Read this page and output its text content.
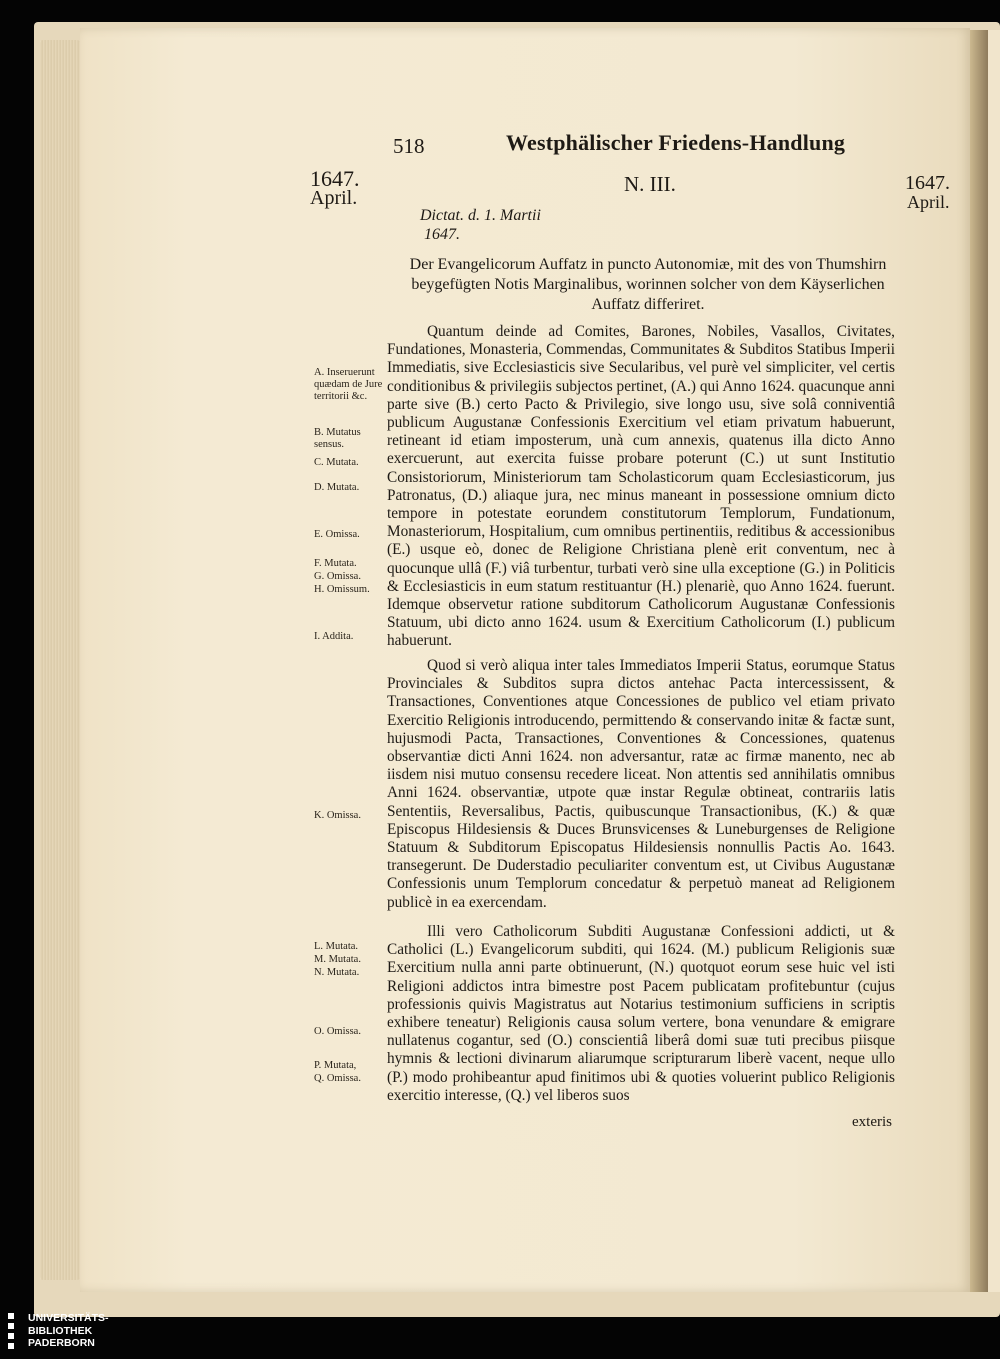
518	Westphälischer Friedens-Handlung
1647.
April.
1647.
April.
N. III.
Dictat. d. 1. Martii
1647.
Der Evangelicorum Auffatz in puncto Autonomiæ, mit des von Thumshirn beygefügten Notis Marginalibus, worinnen solcher von dem Käyserlichen Auffatz differiret.

Quantum deinde ad Comites, Barones, Nobiles, Vasallos, Civitates, Fundationes, Monasteria, Commendas, Communitates & Subditos Statibus Imperii Immediatis, sive Ecclesiasticis sive Secularibus, vel purè vel simpliciter, vel certis conditionibus & privilegiis subjectos pertinet, (A.) qui Anno 1624. quacunque anni parte sive (B.) certo Pacto & Privilegio, sive longo usu, sive solâ conniventiâ publicum Augustanæ Confessionis Exercitium vel etiam privatum habuerunt, retineant id etiam imposterum, unà cum annexis, quatenus illa dicto Anno exercuerunt, aut exercita fuisse probare poterunt (C.) ut sunt Institutio Consistoriorum, Ministeriorum tam Scholasticorum quam Ecclesiasticorum, jus Patronatus, (D.) aliaque jura, nec minus maneant in possessione omnium dicto tempore in potestate eorundem constitutorum Templorum, Fundationum, Monasteriorum, Hospitalium, cum omnibus pertinentiis, reditibus & accessionibus (E.) usque eò, donec de Religione Christiana plenè erit conventum, nec à quocunque ullâ (F.) viâ turbentur, turbati verò sine ulla exceptione (G.) in Politicis & Ecclesiasticis in eum statum restituantur (H.) plenariè, quo Anno 1624. fuerunt. Idemque observetur ratione subditorum Catholicorum Augustanæ Confessionis Statuum, ubi dicto anno 1624. usum & Exercitium Catholicorum (I.) publicum habuerunt.

Quod si verò aliqua inter tales Immediatos Imperii Status, eorumque Status Provinciales & Subditos supra dictos antehac Pacta intercessissent, & Transactiones, Conventiones atque Concessiones de publico vel etiam privato Exercitio Religionis introducendo, permittendo & conservando initæ & factæ sunt, hujusmodi Pacta, Transactiones, Conventiones & Concessiones, quatenus observantiæ dicti Anni 1624. non adversantur, ratæ ac firmæ manento, nec ab iisdem nisi mutuo consensu recedere liceat. Non attentis sed annihilatis omnibus Anni 1624. observantiæ, utpote quæ instar Regulæ obtineat, contrariis latis Sententiis, Reversalibus, Pactis, quibuscunque Transactionibus, (K.) & quæ Episcopus Hildesiensis & Duces Brunsvicenses & Luneburgenses de Religione Statuum & Subditorum Episcopatus Hildesiensis nonnullis Pactis Ao. 1643. transegerunt. De Duderstadio peculiariter conventum est, ut Civibus Augustanæ Confessionis unum Templorum concedatur & perpetuò maneat ad Religionem publicè in ea exercendam.

Illi vero Catholicorum Subditi Augustanæ Confessioni addicti, ut & Catholici (L.) Evangelicorum subditi, qui 1624. (M.) publicum Religionis suæ Exercitium nulla anni parte obtinuerunt, (N.) quotquot eorum sese huic vel isti Religioni addictos intra bimestre post Pacem publicatam profitebuntur (cujus professionis quivis Magistratus aut Notarius testimonium sufficiens in scriptis exhibere teneatur) Religionis causa solum vertere, bona venundare & emigrare nullatenus cogantur, sed (O.) conscientiâ liberâ domi suæ tuti precibus piisque hymnis & lectioni divinarum aliarumque scripturarum liberè vacent, neque ullo (P.) modo prohibeantur apud finitimos ubi & quoties voluerint publico Religionis exercitio interesse, (Q.) vel liberos suos

exteris
A. Inseruerunt quædam de Jure territorii &c.
B. Mutatus sensus.
C. Mutata.
D. Mutata.
E. Omissa.
F. Mutata.
G. Omissa.
H. Omissum.
I. Addita.
K. Omissa.
L. Mutata.
M. Mutata.
N. Mutata.
O. Omissa.
P. Mutata,
Q. Omissa.
UNIVERSITÄTS-
BIBLIOTHEK
PADERBORN
